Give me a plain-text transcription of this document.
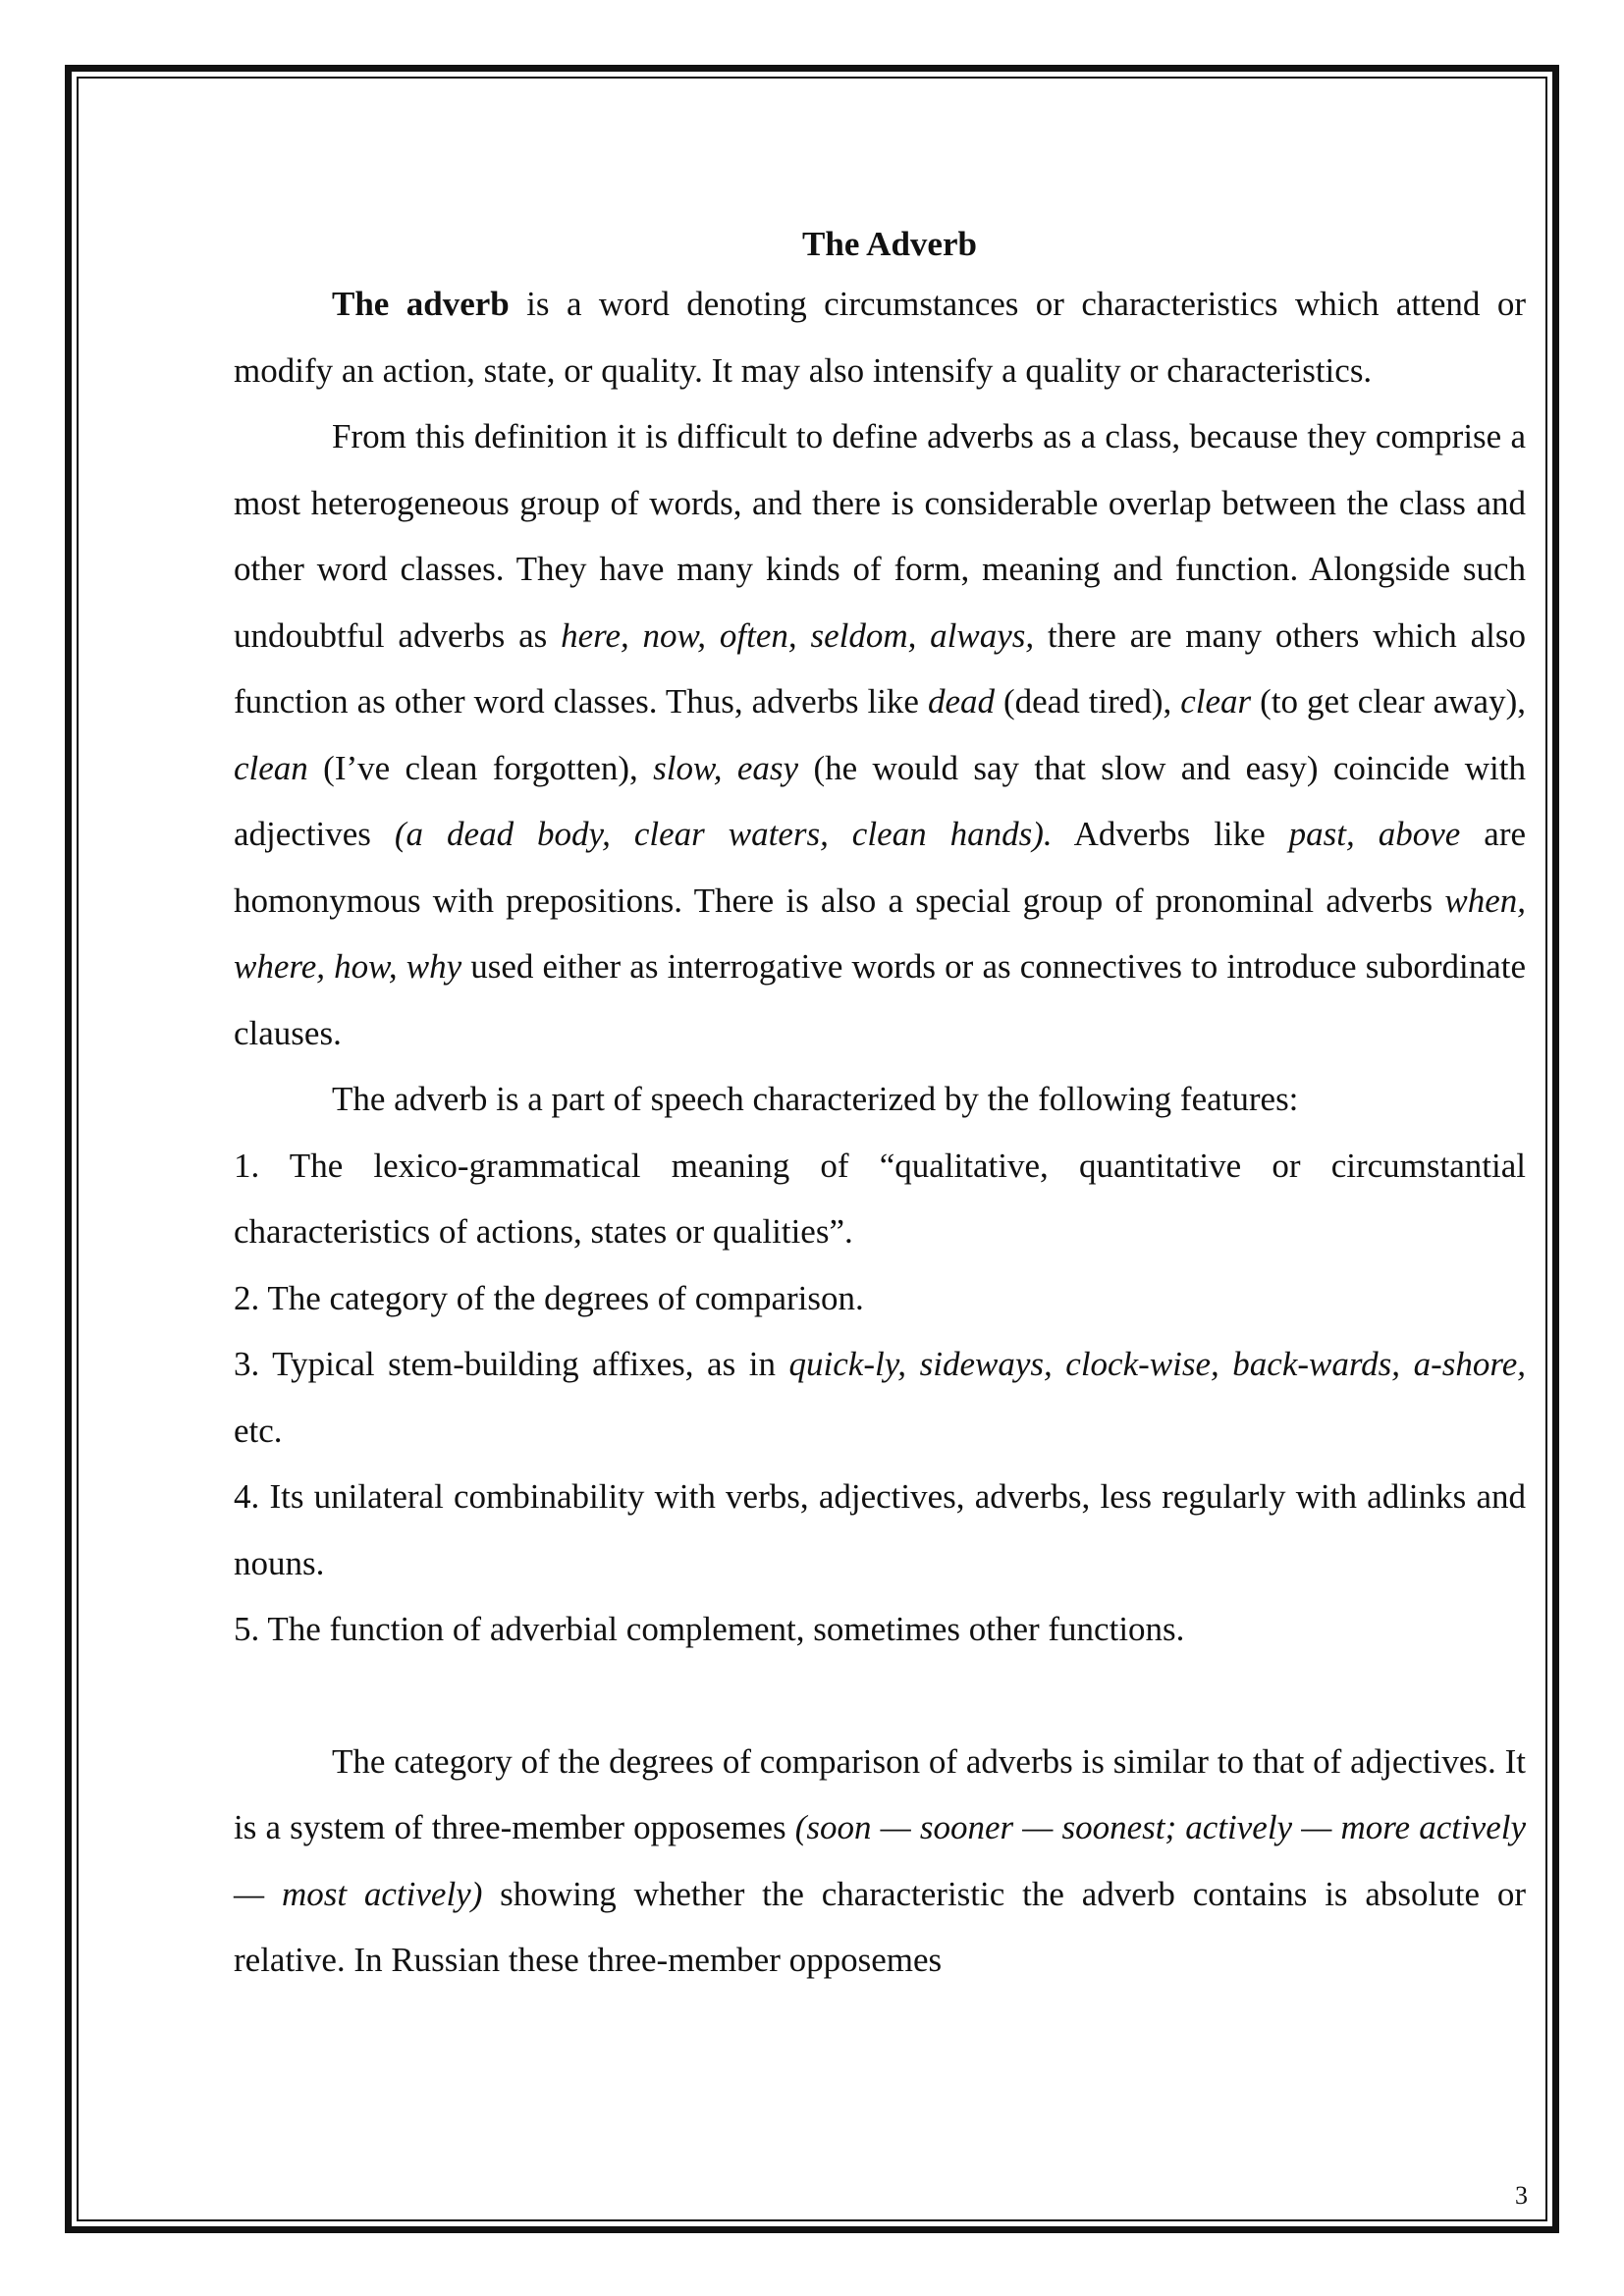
The Adverb

The adverb is a word denoting circumstances or characteristics which attend or modify an action, state, or quality. It may also intensify a quality or characteristics.

From this definition it is difficult to define adverbs as a class, because they comprise a most heterogeneous group of words, and there is considerable overlap between the class and other word classes. They have many kinds of form, meaning and function. Alongside such undoubtful adverbs as here, now, often, seldom, always, there are many others which also function as other word classes. Thus, adverbs like dead (dead tired), clear (to get clear away), clean (I’ve clean forgotten), slow, easy (he would say that slow and easy) coincide with adjectives (a dead body, clear waters, clean hands). Adverbs like past, above are homonymous with prepositions. There is also a special group of pronominal adverbs when, where, how, why used either as interrogative words or as connectives to introduce subordinate clauses.

The adverb is a part of speech characterized by the following features:

1. The lexico-grammatical meaning of “qualitative, quantitative or circumstantial characteristics of actions, states or qualities”.

2. The category of the degrees of comparison.

3. Typical stem-building affixes, as in quick-ly, sideways, clock-wise, back-wards, a-shore, etc.

4. Its unilateral combinability with verbs, adjectives, adverbs, less regularly with adlinks and nouns.

5. The function of adverbial complement, sometimes other functions.

The category of the degrees of comparison of adverbs is similar to that of adjectives. It is a system of three-member opposemes (soon — sooner — soonest; actively — more actively — most actively) showing whether the characteristic the adverb contains is absolute or relative. In Russian these three-member opposemes

3
